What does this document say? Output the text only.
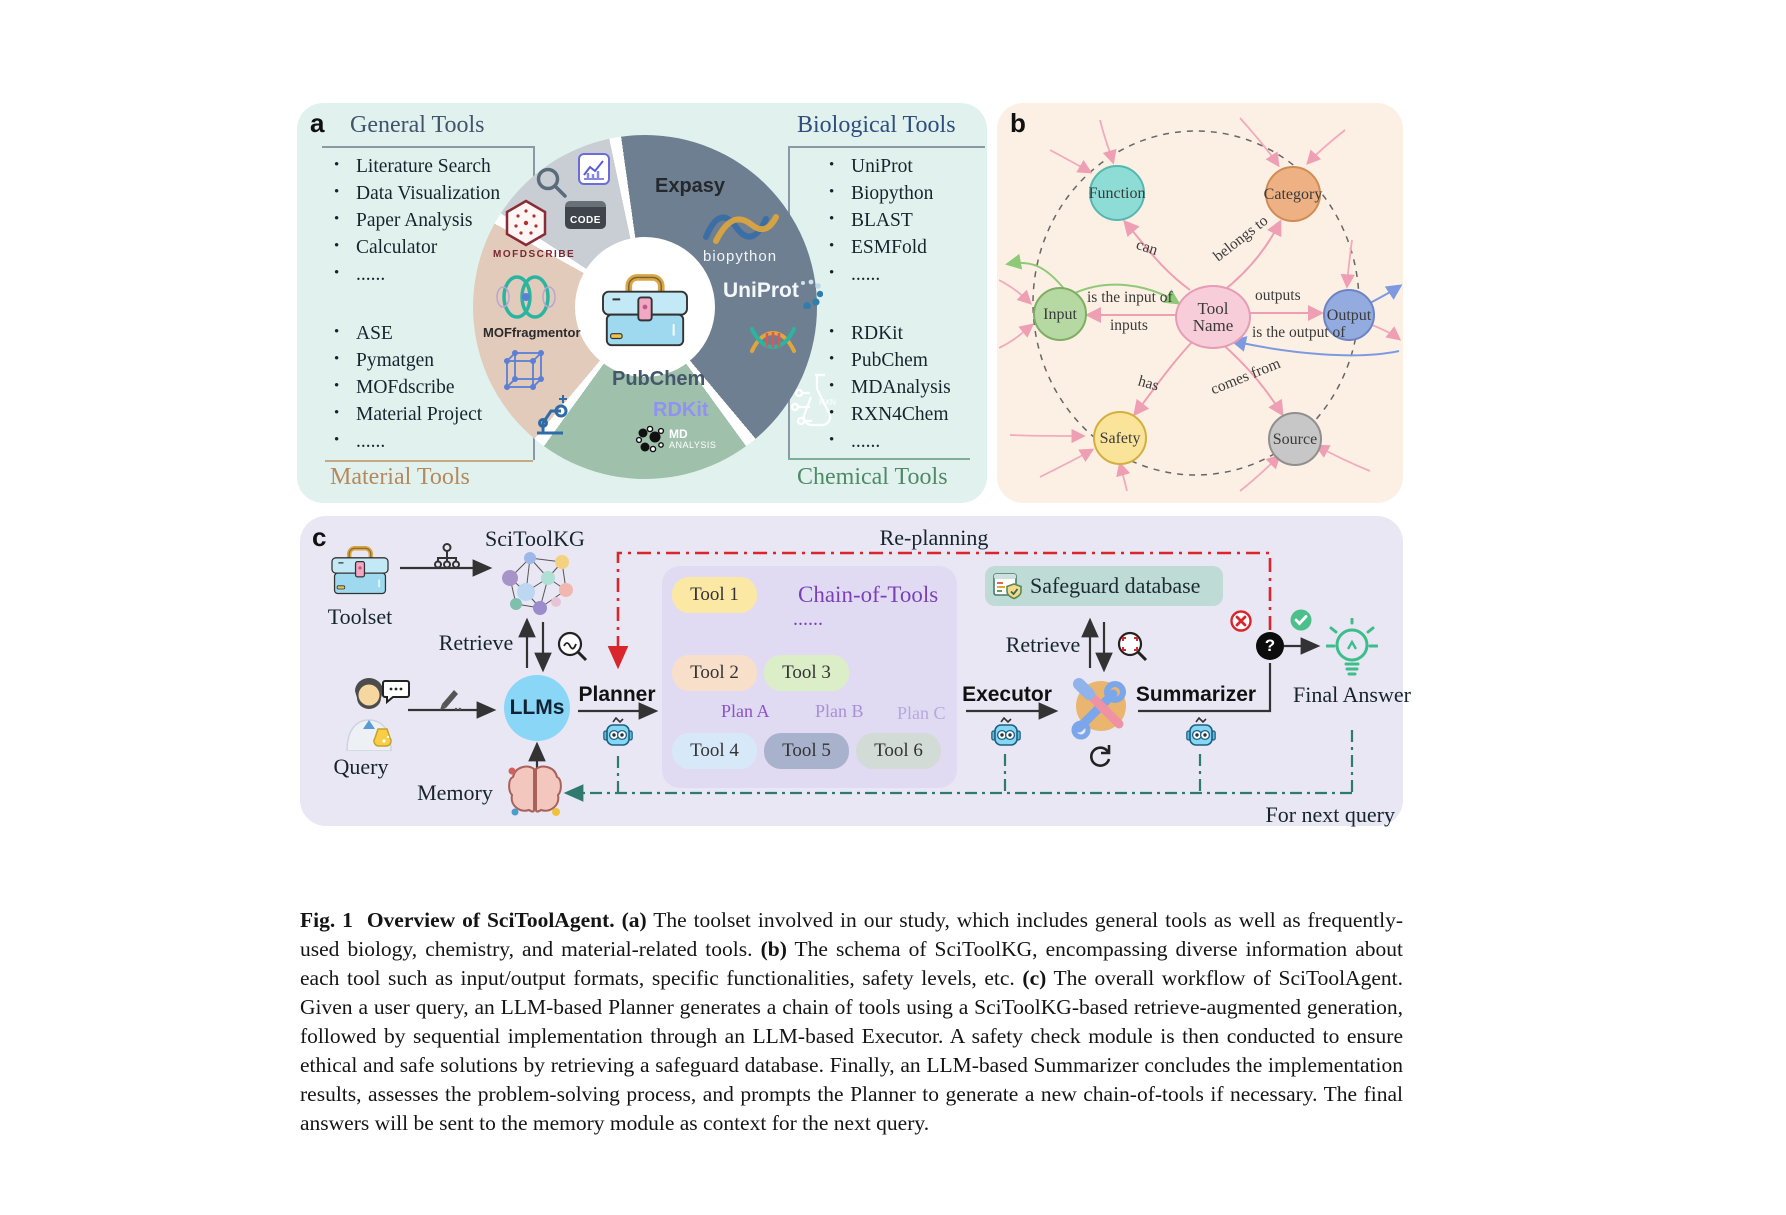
a General Tools
• Literature Search
• Data Visualization
• Paper Analysis
• Calculator
• ......
• ASE
• Pymatgen
• MOFdscribe
• Material Project
• ......
Material Tools
Biological Tools
• UniProt
• Biopython
• BLAST
• ESMFold
• ......
• RDKit
• PubChem
• MDAnalysis
• RXN4Chem
• ......
Chemical Tools
CODE
Expasy
biopython
UniProt
MOFDSCRIBE
MOFfragmentor
PubChem
RDKit
MD
ANALYSIS
RXN
b
Function	Category
Input	Tool Name
Output
Safety	Source
can	belongs to
is the input of
inputs
outputs
is the output of
has	comes from
c
Toolset
SciToolKG
Retrieve
Query
LLMs
Planner
Re-planning
Memory
Chain-of-Tools
......
Tool 1
Tool 2	Tool 3
Tool 4	Tool 5	Tool 6
Plan A	Plan B Plan C
Executor
Safeguard database
Retrieve
Summarizer
?
Final Answer
For next query

Fig. 1 Overview of SciToolAgent. (a) The toolset involved in our study, which includes general tools as well as frequently-used biology, chemistry, and material-related tools. (b) The schema of SciToolKG, encompassing diverse information about each tool such as input/output formats, specific functionalities, safety levels, etc. (c) The overall workflow of SciToolAgent. Given a user query, an LLM-based Planner generates a chain of tools using a SciToolKG-based retrieve-augmented generation, followed by sequential implementation through an LLM-based Executor. A safety check module is then conducted to ensure ethical and safe solutions by retrieving a safeguard database. Finally, an LLM-based Summarizer concludes the implementation results, assesses the problem-solving process, and prompts the Planner to generate a new chain-of-tools if necessary. The final answers will be sent to the memory module as context for the next query.
